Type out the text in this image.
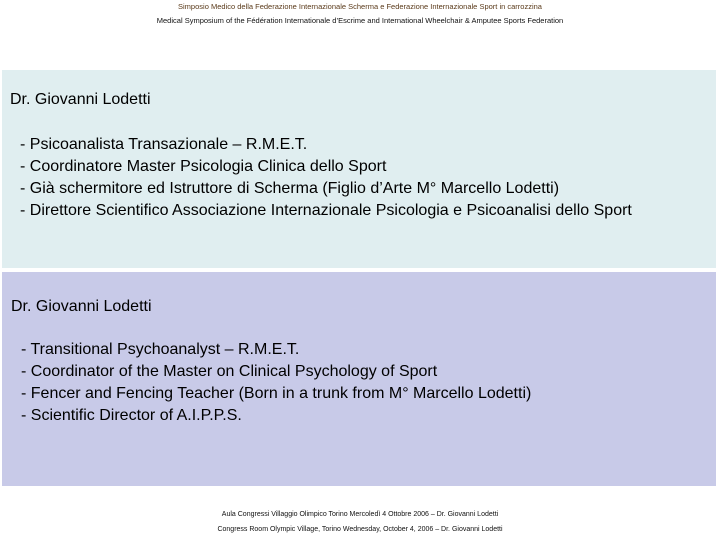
Simposio Medico della Federazione Internazionale Scherma e Federazione Internazionale Sport in carrozzina
Medical Symposium of the Fédération Internationale d’Escrime and International Wheelchair & Amputee Sports Federation
Dr. Giovanni Lodetti
- Psicoanalista Transazionale – R.M.E.T.
- Coordinatore Master Psicologia Clinica dello Sport
- Già schermitore ed Istruttore di Scherma (Figlio d’Arte M° Marcello Lodetti)
- Direttore Scientifico Associazione Internazionale Psicologia e Psicoanalisi dello Sport
Dr. Giovanni Lodetti
- Transitional Psychoanalyst – R.M.E.T.
- Coordinator of the Master on Clinical Psychology of Sport
- Fencer and Fencing Teacher (Born in a trunk from M° Marcello Lodetti)
- Scientific Director of A.I.P.P.S.
Aula Congressi Villaggio Olimpico Torino Mercoledì 4 Ottobre 2006 – Dr. Giovanni Lodetti
Congress Room Olympic Village, Torino Wednesday, October 4, 2006 – Dr. Giovanni Lodetti
